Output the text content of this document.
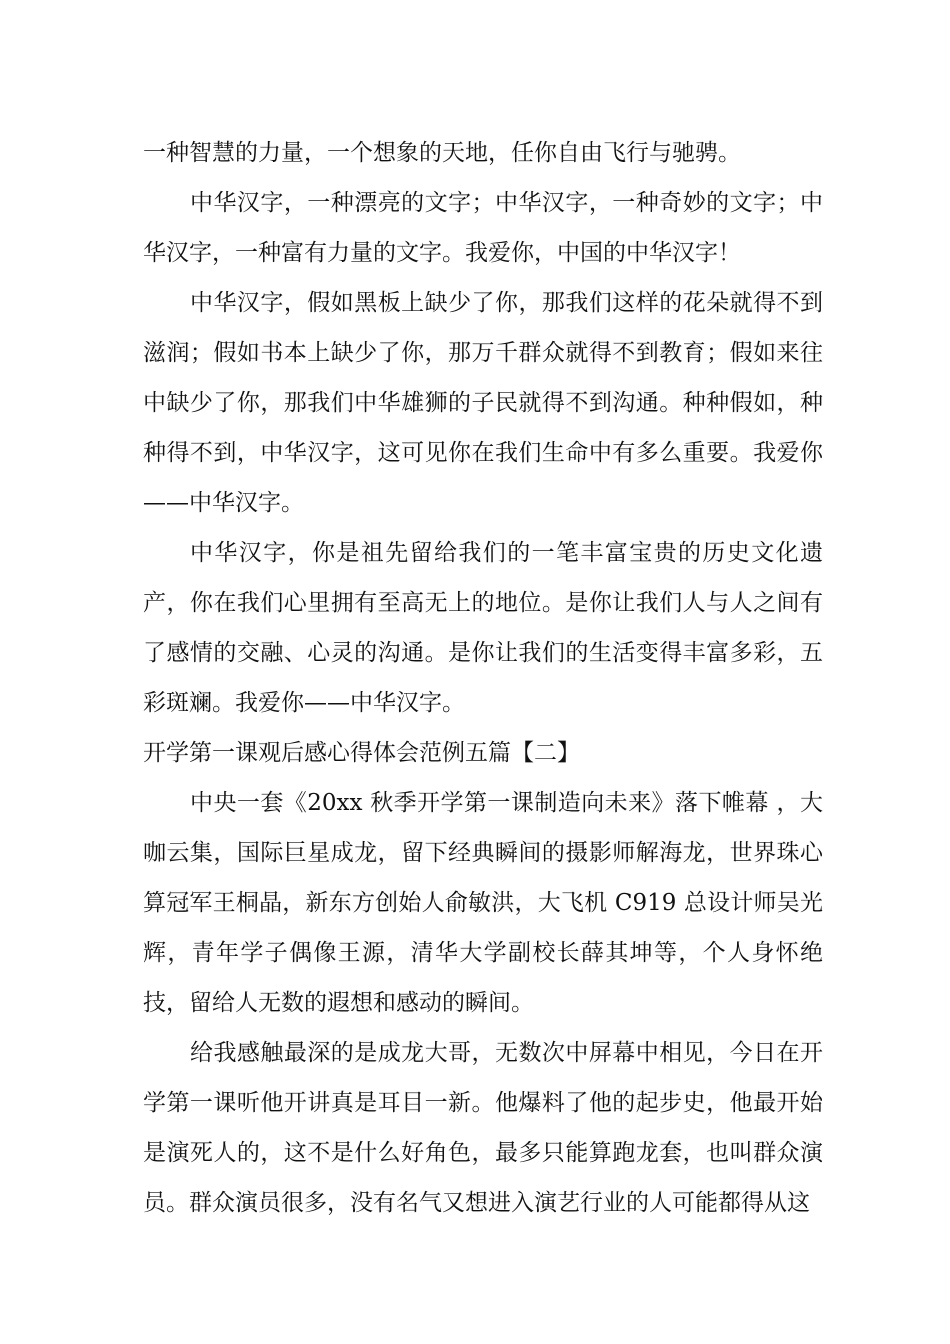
一种智慧的力量，一个想象的天地，任你自由飞行与驰骋。

中华汉字，一种漂亮的文字；中华汉字，一种奇妙的文字；中华汉字，一种富有力量的文字。我爱你，中国的中华汉字！

中华汉字，假如黑板上缺少了你，那我们这样的花朵就得不到滋润；假如书本上缺少了你，那万千群众就得不到教育；假如来往中缺少了你，那我们中华雄狮的子民就得不到沟通。种种假如，种种得不到，中华汉字，这可见你在我们生命中有多么重要。我爱你——中华汉字。

中华汉字，你是祖先留给我们的一笔丰富宝贵的历史文化遗产，你在我们心里拥有至高无上的地位。是你让我们人与人之间有了感情的交融、心灵的沟通。是你让我们的生活变得丰富多彩，五彩斑斓。我爱你——中华汉字。

开学第一课观后感心得体会范例五篇【二】

中央一套《20xx 秋季开学第一课制造向未来》落下帷幕 ，大咖云集，国际巨星成龙，留下经典瞬间的摄影师解海龙，世界珠心算冠军王桐晶，新东方创始人俞敏洪，大飞机 C919 总设计师吴光辉，青年学子偶像王源，清华大学副校长薛其坤等，个人身怀绝技，留给人无数的遐想和感动的瞬间。

给我感触最深的是成龙大哥，无数次中屏幕中相见，今日在开学第一课听他开讲真是耳目一新。他爆料了他的起步史，他最开始是演死人的，这不是什么好角色，最多只能算跑龙套，也叫群众演员。群众演员很多，没有名气又想进入演艺行业的人可能都得从这
